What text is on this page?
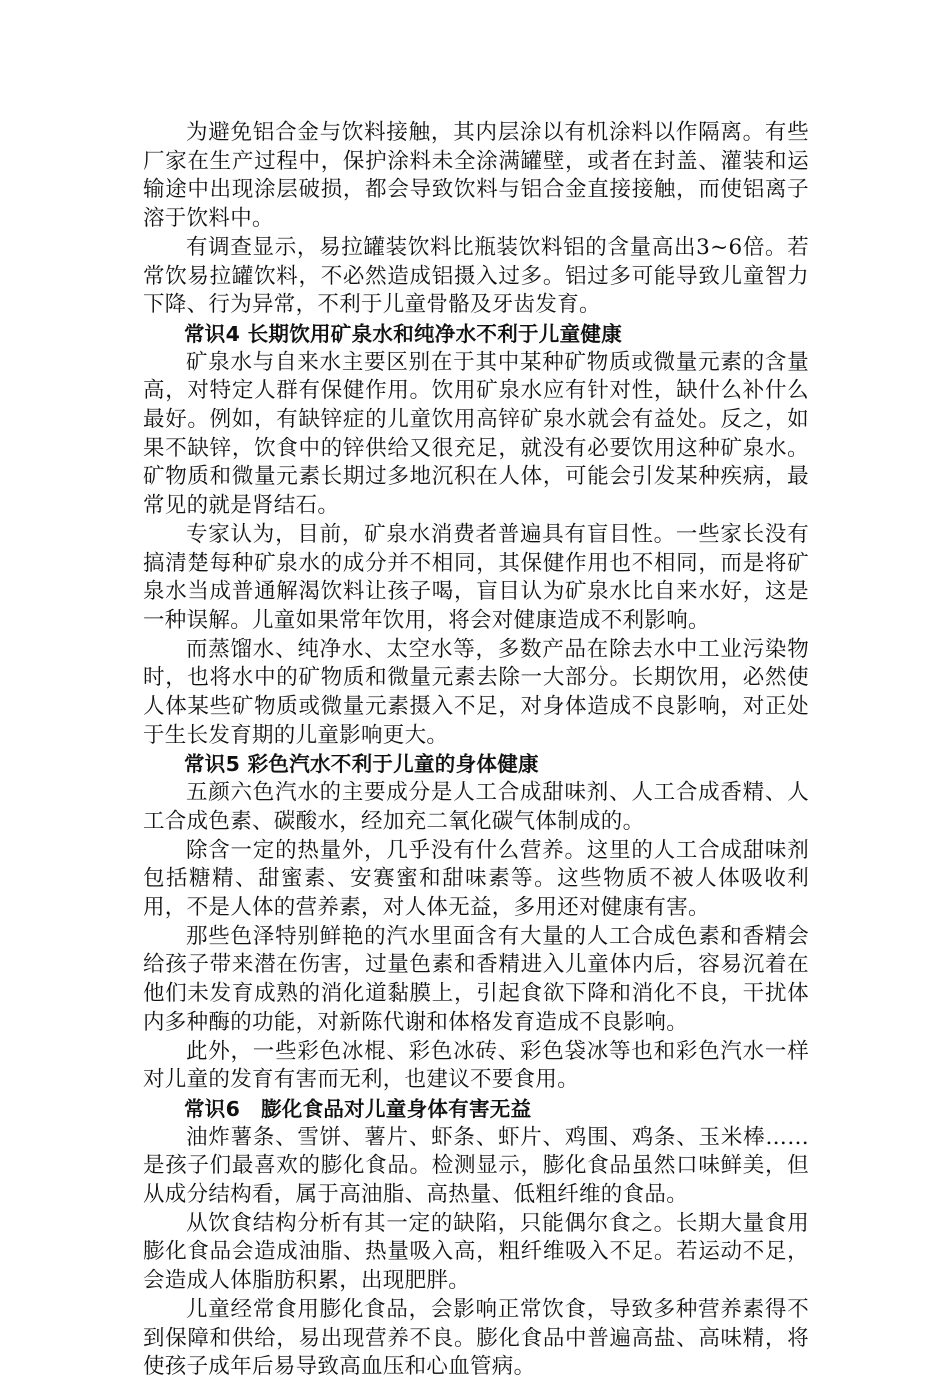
为避免铝合金与饮料接触，其内层涂以有机涂料以作隔离。有些厂家在生产过程中，保护涂料未全涂满罐壁，或者在封盖、灌装和运输途中出现涂层破损，都会导致饮料与铝合金直接接触，而使铝离子溶于饮料中。

有调查显示，易拉罐装饮料比瓶装饮料铝的含量高出3~6倍。若常饮易拉罐饮料，不必然造成铝摄入过多。铝过多可能导致儿童智力下降、行为异常，不利于儿童骨骼及牙齿发育。

常识4 长期饮用矿泉水和纯净水不利于儿童健康

矿泉水与自来水主要区别在于其中某种矿物质或微量元素的含量高，对特定人群有保健作用。饮用矿泉水应有针对性，缺什么补什么最好。例如，有缺锌症的儿童饮用高锌矿泉水就会有益处。反之，如果不缺锌，饮食中的锌供给又很充足，就没有必要饮用这种矿泉水。矿物质和微量元素长期过多地沉积在人体，可能会引发某种疾病，最常见的就是肾结石。

专家认为，目前，矿泉水消费者普遍具有盲目性。一些家长没有搞清楚每种矿泉水的成分并不相同，其保健作用也不相同，而是将矿泉水当成普通解渴饮料让孩子喝，盲目认为矿泉水比自来水好，这是一种误解。儿童如果常年饮用，将会对健康造成不利影响。

而蒸馏水、纯净水、太空水等，多数产品在除去水中工业污染物时，也将水中的矿物质和微量元素去除一大部分。长期饮用，必然使人体某些矿物质或微量元素摄入不足，对身体造成不良影响，对正处于生长发育期的儿童影响更大。

常识5 彩色汽水不利于儿童的身体健康

五颜六色汽水的主要成分是人工合成甜味剂、人工合成香精、人工合成色素、碳酸水，经加充二氧化碳气体制成的。

除含一定的热量外，几乎没有什么营养。这里的人工合成甜味剂包括糖精、甜蜜素、安赛蜜和甜味素等。这些物质不被人体吸收利用，不是人体的营养素，对人体无益，多用还对健康有害。

那些色泽特别鲜艳的汽水里面含有大量的人工合成色素和香精会给孩子带来潜在伤害，过量色素和香精进入儿童体内后，容易沉着在他们未发育成熟的消化道黏膜上，引起食欲下降和消化不良，干扰体内多种酶的功能，对新陈代谢和体格发育造成不良影响。

此外，一些彩色冰棍、彩色冰砖、彩色袋冰等也和彩色汽水一样对儿童的发育有害而无利，也建议不要食用。

常识6　膨化食品对儿童身体有害无益

油炸薯条、雪饼、薯片、虾条、虾片、鸡围、鸡条、玉米棒……是孩子们最喜欢的膨化食品。检测显示，膨化食品虽然口味鲜美，但从成分结构看，属于高油脂、高热量、低粗纤维的食品。

从饮食结构分析有其一定的缺陷，只能偶尔食之。长期大量食用膨化食品会造成油脂、热量吸入高，粗纤维吸入不足。若运动不足，会造成人体脂肪积累，出现肥胖。

儿童经常食用膨化食品，会影响正常饮食，导致多种营养素得不到保障和供给，易出现营养不良。膨化食品中普遍高盐、高味精，将使孩子成年后易导致高血压和心血管病。
